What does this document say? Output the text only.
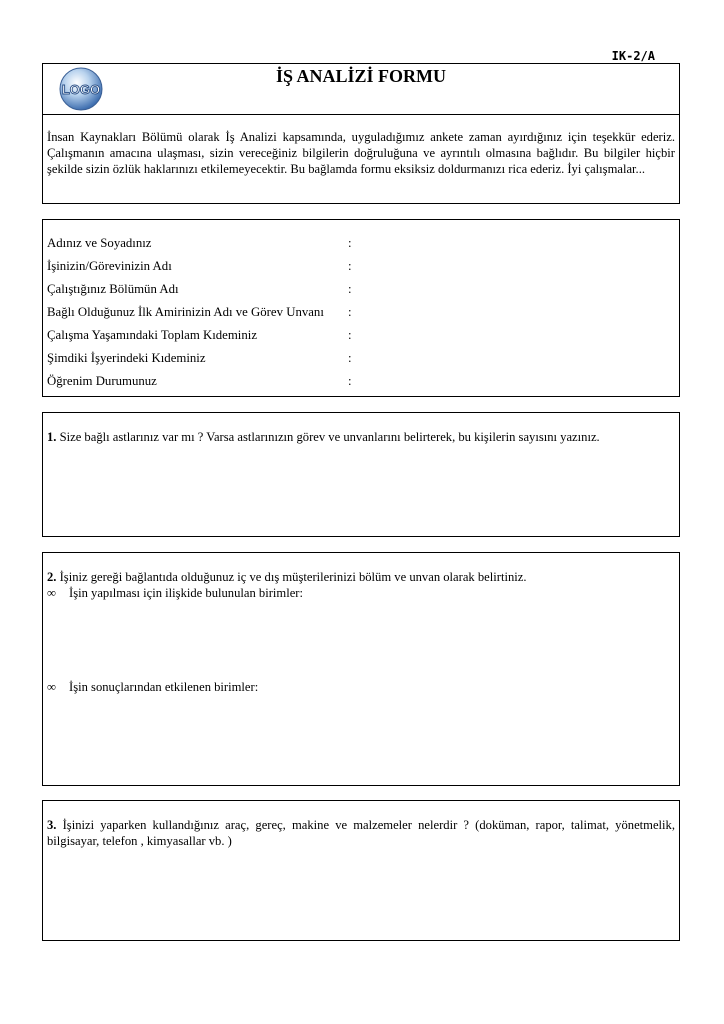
IK-2/A
LOGO
İŞ ANALİZİ FORMU
İnsan Kaynakları Bölümü olarak İş Analizi kapsamında, uyguladığımız ankete zaman ayırdığınız için teşekkür ederiz. Çalışmanın amacına ulaşması, sizin vereceğiniz bilgilerin doğruluğuna ve ayrıntılı olmasına bağlıdır. Bu bilgiler hiçbir şekilde sizin özlük haklarınızı etkilemeyecektir. Bu bağlamda formu eksiksiz doldurmanızı rica ederiz. İyi çalışmalar...
Adınız ve Soyadınız	:
İşinizin/Görevinizin Adı	:
Çalıştığınız Bölümün Adı	:
Bağlı Olduğunuz İlk Amirinizin Adı ve Görev Unvanı :
Çalışma Yaşamındaki Toplam Kıdeminiz	:
Şimdiki İşyerindeki Kıdeminiz	:
Öğrenim Durumunuz	:
1. Size bağlı astlarınız var mı ? Varsa astlarınızın görev ve unvanlarını belirterek, bu kişilerin sayısını yazınız.
2. İşiniz gereği bağlantıda olduğunuz iç ve dış müşterilerinizi bölüm ve unvan olarak belirtiniz.
∞ İşin yapılması için ilişkide bulunulan birimler:
∞ İşin sonuçlarından etkilenen birimler:
3. İşinizi yaparken kullandığınız araç, gereç, makine ve malzemeler nelerdir ? (doküman, rapor, talimat, yönetmelik, bilgisayar, telefon , kimyasallar vb. )
